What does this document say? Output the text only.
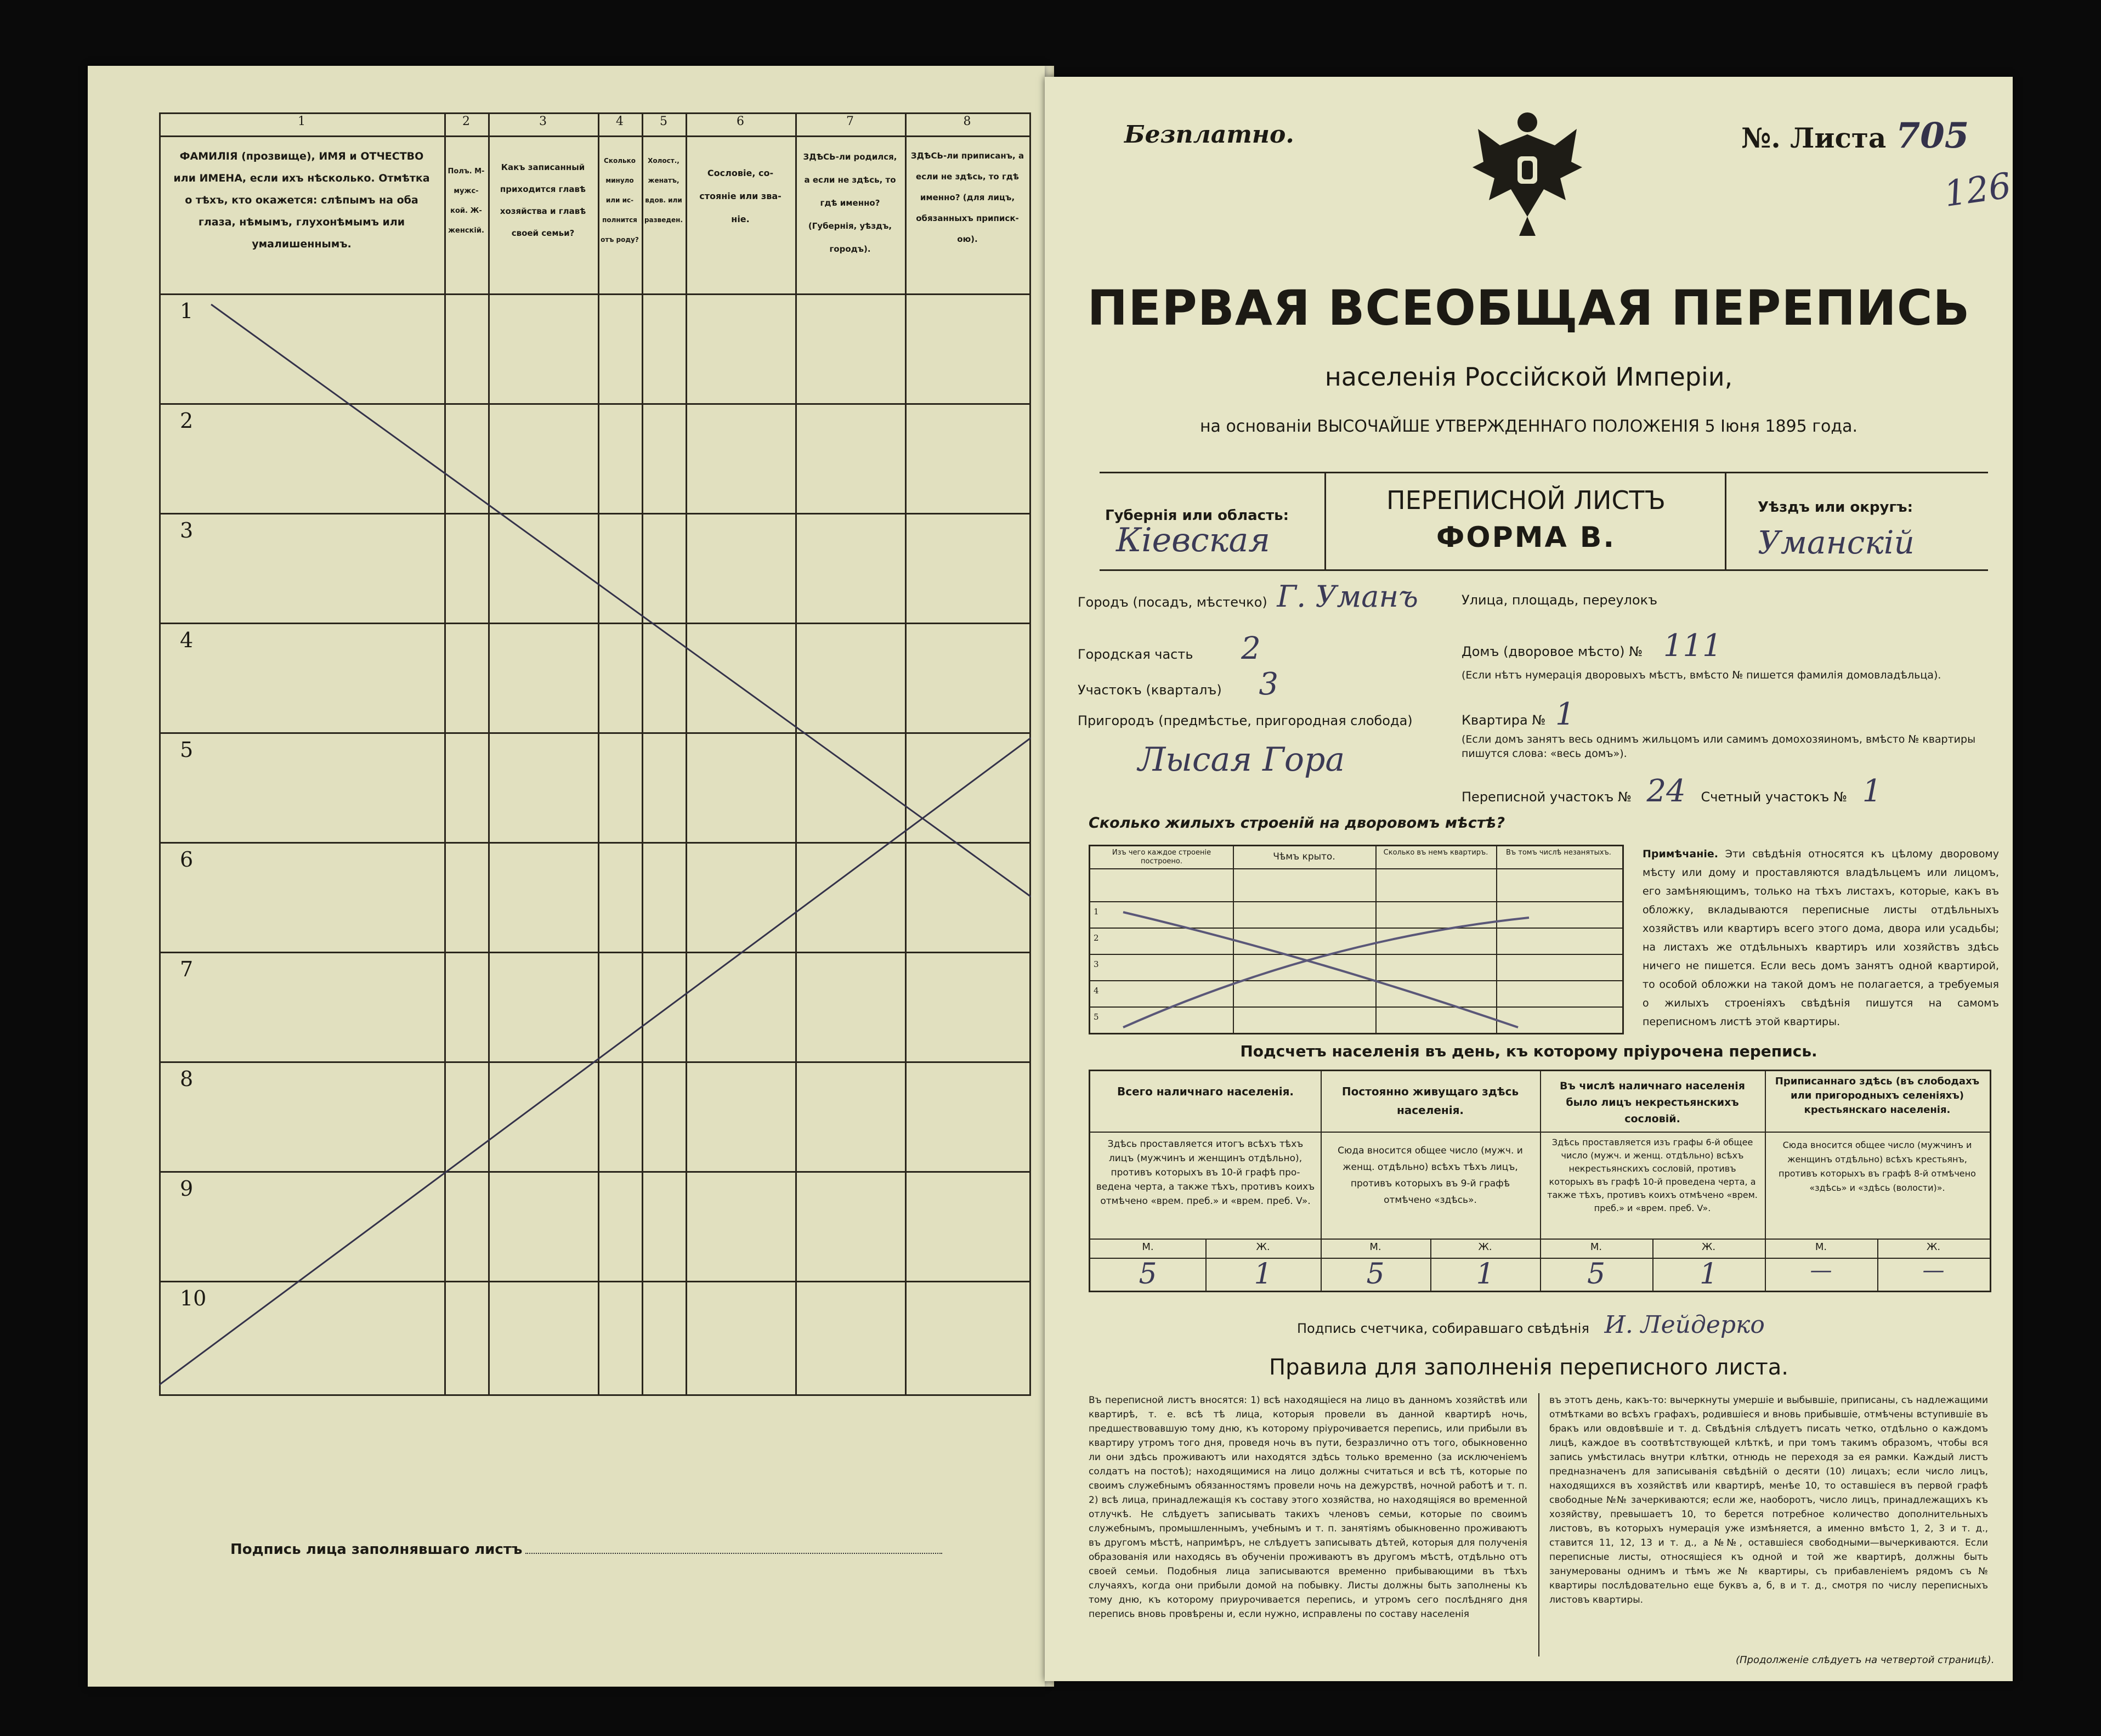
1
ФАМИЛІЯ (прозвище), ИМЯ и ОТЧЕСТВО или ИМЕНА, если ихъ нѣсколько. Отмѣтка о тѣхъ, кто окажется: слѣпымъ на оба глаза, нѣмымъ, глухонѣмымъ или умалишеннымъ.
2
Полъ. М-мужской. Ж-женскій.
3
Какъ записанный приходится главѣ хозяйства и главѣ своей семьи?
4
Сколько минуло или исполнится отъ роду?
5
Холост., женатъ, вдов. или разведен.
6
Сословіе, состояніе или званіе.
7
ЗДѢСЬ-ли родился, а если не здѣсь, то гдѣ именно? (Губернія, уѣздъ, городъ).
8
ЗДѢСЬ-ли приписанъ, а если не здѣсь, то гдѣ именно? (для лицъ, обязанныхъ припискою).
1
2
3
4
5
6
7
8
9
10
Подпись лица заполнявшаго листъ
Безплатно.	№. Листа 705
126
ПЕРВАЯ ВСЕОБЩАЯ ПЕРЕПИСЬ
населенія Россійской Имперіи,
на основаніи ВЫСОЧАЙШЕ УТВЕРЖДЕННАГО ПОЛОЖЕНІЯ 5 Іюня 1895 года.
Губернія или область:
Кіевская
ПЕРЕПИСНОЙ ЛИСТЪ
ФОРМА В.
Уѣздъ или округъ:
Уманскій
Городъ (посадъ, мѣстечко) Г. Уманъ	Улица, площадь, переулокъ
Городская часть 2	Домъ (дворовое мѣсто) № 111
(Если нѣтъ нумерація дворовыхъ мѣстъ, вмѣсто № пишется фамилія домовладѣльца).
Участокъ (кварталъ) 3
Квартира № 1
(Если домъ занятъ весь однимъ жильцомъ или самимъ домохозяиномъ, вмѣсто № квартиры пишутся слова: «весь домъ»).
Пригородъ (предмѣстье, пригородная слобода)
Лысая Гора
Переписной участокъ № 24 Счетный участокъ № 1
Сколько жилыхъ строеній на дворовомъ мѣстѣ?
Изъ чего каждое строеніе построено.	Чѣмъ крыто.	Сколько въ немъ квартиръ.	Въ томъ числѣ незанятыхъ.
1
2
3
4
5
Примѣчаніе. Эти свѣдѣнія относятся къ цѣлому дворовому мѣсту или дому и проставляются владѣльцемъ или лицомъ, его замѣняющимъ, только на тѣхъ листахъ, которые, какъ въ обложку, вкладываются переписные листы отдѣльныхъ хозяйствъ или квартиръ всего этого дома, двора или усадьбы; на листахъ же отдѣльныхъ квартиръ или хозяйствъ здѣсь ничего не пишется. Если весь домъ занятъ одной квартирой, то особой обложки на такой домъ не полагается, а требуемыя о жилыхъ строеніяхъ свѣдѣнія пишутся на самомъ переписномъ листѣ этой квартиры.
Подсчетъ населенія въ день, къ которому пріурочена перепись.
Всего наличнаго населенія.
Здѣсь проставляется итогъ всѣхъ тѣхъ лицъ (мужчинъ и женщинъ отдѣльно), противъ которыхъ въ 10-й графѣ проведена черта, а также тѣхъ, противъ коихъ отмѣчено «врем. преб.» и «врем. преб. V».
М.	Ж.
5	1
Постоянно живущаго здѣсь населенія.
Сюда вносится общее число (мужч. и женщ. отдѣльно) всѣхъ тѣхъ лицъ, противъ которыхъ въ 9-й графѣ отмѣчено «здѣсь».
М.	Ж.
5	1
Въ числѣ наличнаго населенія было лицъ некрестьянскихъ сословій.
Здѣсь проставляется изъ графы 6-й общее число (мужч. и женщ. отдѣльно) всѣхъ некрестьянскихъ сословій, противъ которыхъ въ графѣ 10-й проведена черта, а также тѣхъ, противъ коихъ отмѣчено «врем. преб.» и «врем. преб. V».
М.	Ж.
5	1
Приписаннаго здѣсь (въ слободахъ или пригородныхъ селеніяхъ) крестьянскаго населенія.
Сюда вносится общее число (мужчинъ и женщинъ отдѣльно) всѣхъ крестьянъ, противъ которыхъ въ графѣ 8-й отмѣчено «здѣсь» и «здѣсь (волости)».
М.	Ж.
—	—
Подпись счетчика, собиравшаго свѣдѣнія И. Лейдерко
Правила для заполненія переписного листа.
Въ переписной листъ вносятся: 1) всѣ находящіеся на лицо въ данномъ хозяйствѣ или квартирѣ, т. е. всѣ тѣ лица, которыя провели въ данной квартирѣ ночь, предшествовавшую тому дню, къ которому пріурочивается перепись, или прибыли въ квартиру утромъ того дня, проведя ночь въ пути, безразлично отъ того, обыкновенно ли они здѣсь проживаютъ или находятся здѣсь только временно (за исключеніемъ солдатъ на постоѣ); находящимися на лицо должны считаться и всѣ тѣ, которые по своимъ служебнымъ обязанностямъ провели ночь на дежурствѣ, ночной работѣ и т. п. 2) всѣ лица, принадлежащія къ составу этого хозяйства, но находящіяся во временной отлучкѣ. Не слѣдуетъ записывать такихъ членовъ семьи, которые по своимъ служебнымъ, промышленнымъ, учебнымъ и т. п. занятіямъ обыкновенно проживаютъ въ другомъ мѣстѣ, напримѣръ, не слѣдуетъ записывать дѣтей, которыя для полученія образованія или находясь въ обученіи проживаютъ въ другомъ мѣстѣ, отдѣльно отъ своей семьи. Подобныя лица записываются временно прибывающими въ тѣхъ случаяхъ, когда они прибыли домой на побывку. Листы должны быть заполнены къ тому дню, къ которому приурочивается перепись, и утромъ сего послѣдняго дня перепись вновь провѣрены и, если нужно, исправлены по составу населенія
въ этотъ день, какъ-то: вычеркнуты умершіе и выбывшіе, приписаны, съ надлежащими отмѣтками во всѣхъ графахъ, родившіеся и вновь прибывшіе, отмѣчены вступившіе въ бракъ или овдовѣвшіе и т. д. Свѣдѣнія слѣдуетъ писать четко, отдѣльно о каждомъ лицѣ, каждое въ соотвѣтствующей клѣткѣ, и при томъ такимъ образомъ, чтобы вся запись умѣстилась внутри клѣтки, отнюдь не переходя за ея рамки. Каждый листъ предназначенъ для записыванія свѣдѣній о десяти (10) лицахъ; если число лицъ, находящихся въ хозяйствѣ или квартирѣ, менѣе 10, то оставшіеся въ первой графѣ свободные №№ зачеркиваются; если же, наоборотъ, число лицъ, принадлежащихъ къ хозяйству, превышаетъ 10, то берется потребное количество дополнительныхъ листовъ, въ которыхъ нумерація уже измѣняется, а именно вмѣсто 1, 2, 3 и т. д., ставится 11, 12, 13 и т. д., а №№, оставшіеся свободными—вычеркиваются. Если переписные листы, относящіеся къ одной и той же квартирѣ, должны быть занумерованы однимъ и тѣмъ же № квартиры, съ прибавленіемъ рядомъ съ № квартиры послѣдовательно еще буквъ а, б, в и т. д., смотря по числу переписныхъ листовъ квартиры.
(Продолженіе слѣдуетъ на четвертой страницѣ).
